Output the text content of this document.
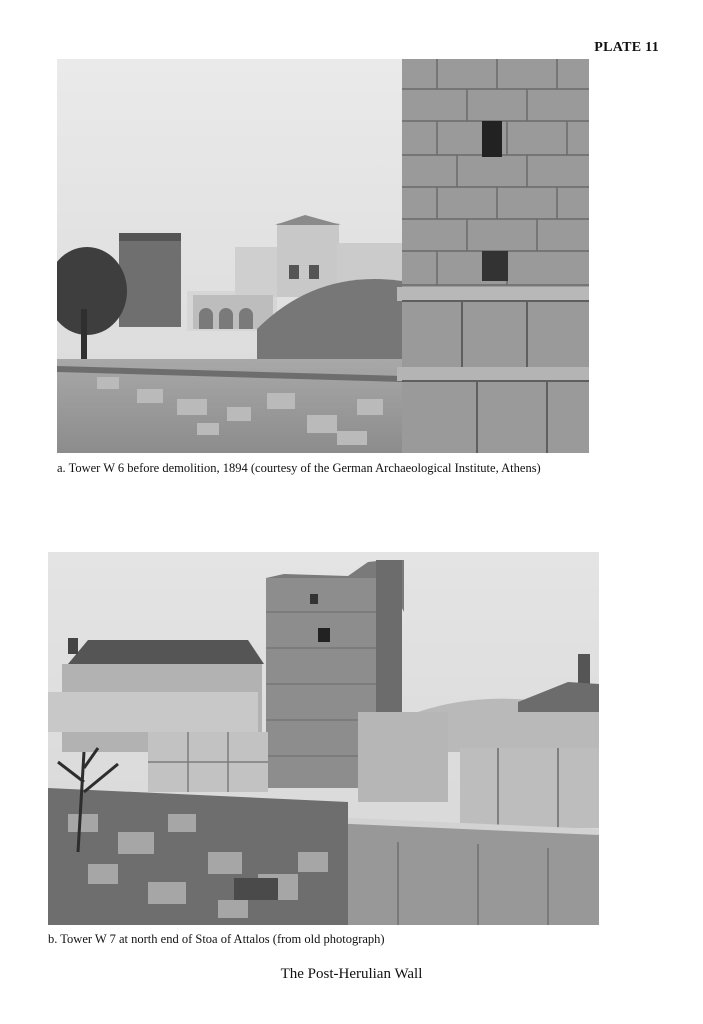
PLATE 11
a. Tower W 6 before demolition, 1894 (courtesy of the German Archaeological Institute, Athens)
b. Tower W 7 at north end of Stoa of Attalos (from old photograph)
The Post-Herulian Wall
